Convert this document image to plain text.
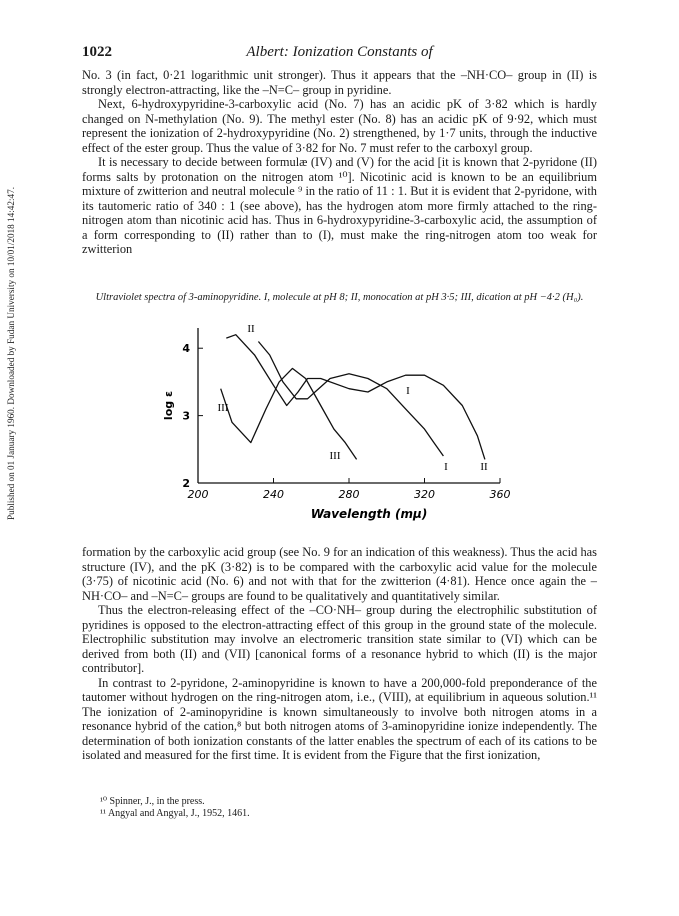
Published on 01 January 1960. Downloaded by Fudan University on 10/01/2018 14:42:47.
1022	Albert: Ionization Constants of

No. 3 (in fact, 0·21 logarithmic unit stronger). Thus it appears that the –NH·CO– group in (II) is strongly electron-attracting, like the –N=C– group in pyridine.

Next, 6-hydroxypyridine-3-carboxylic acid (No. 7) has an acidic pK of 3·82 which is hardly changed on N-methylation (No. 9). The methyl ester (No. 8) has an acidic pK of 9·92, which must represent the ionization of 2-hydroxypyridine (No. 2) strengthened, by 1·7 units, through the inductive effect of the ester group. Thus the value of 3·82 for No. 7 must refer to the carboxyl group.

It is necessary to decide between formulæ (IV) and (V) for the acid [it is known that 2-pyridone (II) forms salts by protonation on the nitrogen atom ¹⁰]. Nicotinic acid is known to be an equilibrium mixture of zwitterion and neutral molecule ⁹ in the ratio of 11 : 1. But it is evident that 2-pyridone, with its tautomeric ratio of 340 : 1 (see above), has the hydrogen atom more firmly attached to the ring-nitrogen atom than nicotinic acid has. Thus in 6-hydroxypyridine-3-carboxylic acid, the assumption of a form corresponding to (II) rather than to (I), must make the ring-nitrogen atom too weak for zwitterion

Ultraviolet spectra of 3-aminopyridine. I, molecule at pH 8; II, monocation at pH 3·5; III, dication at pH −4·2 (H₀).
200	240	280	320	360
2
3
4
Wavelength (mμ)
log ε	I
I
II
II
III
III

formation by the carboxylic acid group (see No. 9 for an indication of this weakness). Thus the acid has structure (IV), and the pK (3·82) is to be compared with the carboxylic acid value for the molecule (3·75) of nicotinic acid (No. 6) and not with that for the zwitterion (4·81). Hence once again the –NH·CO– and –N=C– groups are found to be qualitatively and quantitatively similar.

Thus the electron-releasing effect of the –CO·NH– group during the electrophilic substitution of pyridines is opposed to the electron-attracting effect of this group in the ground state of the molecule. Electrophilic substitution may involve an electromeric transition state similar to (VI) which can be derived from both (II) and (VII) [canonical forms of a resonance hybrid to which (II) is the major contributor].

In contrast to 2-pyridone, 2-aminopyridine is known to have a 200,000-fold preponderance of the tautomer without hydrogen on the ring-nitrogen atom, i.e., (VIII), at equilibrium in aqueous solution.¹¹ The ionization of 2-aminopyridine is known simultaneously to involve both nitrogen atoms in a resonance hybrid of the cation,⁸ but both nitrogen atoms of 3-aminopyridine ionize independently. The determination of both ionization constants of the latter enables the spectrum of each of its cations to be isolated and measured for the first time. It is evident from the Figure that the first ionization,

¹⁰ Spinner, J., in the press.
¹¹ Angyal and Angyal, J., 1952, 1461.
